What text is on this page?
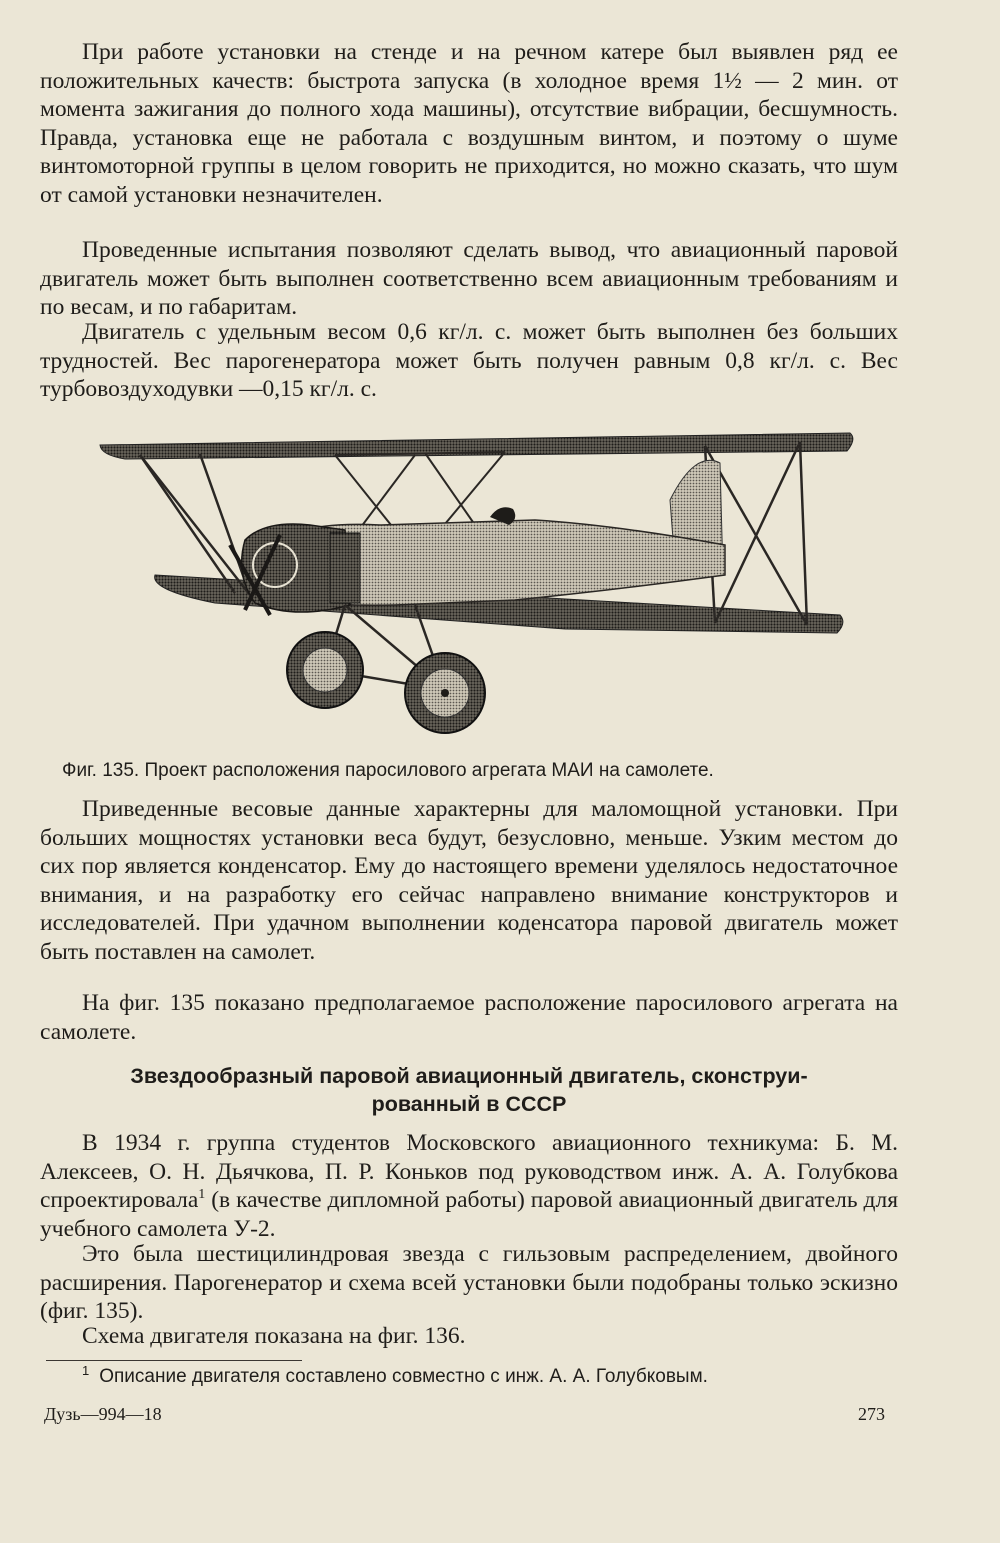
При работе установки на стенде и на речном катере был выявлен ряд ее положительных качеств: быстрота запуска (в холодное время 1½ — 2 мин. от момента зажигания до полного хода машины), отсутствие вибрации, бесшумность. Правда, установка еще не работала с воздушным винтом, и поэтому о шуме винтомоторной группы в целом говорить не приходится, но можно сказать, что шум от самой установки незначителен.

Проведенные испытания позволяют сделать вывод, что авиационный паровой двигатель может быть выполнен соответственно всем авиационным требованиям и по весам, и по габаритам.

Двигатель с удельным весом 0,6 кг/л. с. может быть выполнен без больших трудностей. Вес парогенератора может быть получен равным 0,8 кг/л. с. Вес турбовоздуходувки —0,15 кг/л. с.

Фиг. 135. Проект расположения паросилового агрегата МАИ на самолете.

Приведенные весовые данные характерны для маломощной установки. При больших мощностях установки веса будут, безусловно, меньше. Узким местом до сих пор является конденсатор. Ему до настоящего времени уделялось недостаточное внимания, и на разработку его сейчас направлено внимание конструкторов и исследователей. При удачном выполнении коденсатора паровой двигатель может быть поставлен на самолет.

На фиг. 135 показано предполагаемое расположение паросилового агрегата на самолете.

Звездообразный паровой авиационный двигатель, сконструи-
рованный в СССР

В 1934 г. группа студентов Московского авиационного техникума: Б. М. Алексеев, О. Н. Дьячкова, П. Р. Коньков под руководством инж. А. А. Голубкова спроектировала$^1$ (в качестве дипломной работы) паровой авиационный двигатель для учебного самолета У-2.

Это была шестицилиндровая звезда с гильзовым распределением, двойного расширения. Парогенератор и схема всей установки были подобраны только эскизно (фиг. 135).

Схема двигателя показана на фиг. 136.

$^1$ Описание двигателя составлено совместно с инж. А. А. Голубковым.
Дузь—994—18	273
